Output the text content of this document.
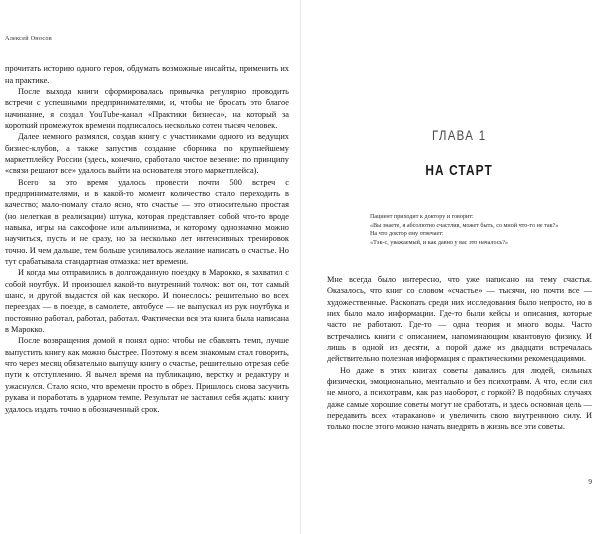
Алексей Оносов

прочитать историю одного героя, обдумать возможные инсайты, применить их на практике.

После выхода книги сформировалась привычка регулярно проводить встречи с успешными предпринимателями, и, чтобы не бросать это благое начинание, я создал YouTube-канал «Практики бизнеса», на который за короткий промежуток времени подписалось несколько сотен тысяч человек.

Далее немного размялся, создав книгу с участниками одного из ведущих бизнес-клубов, а также запустив создание сборника по крупнейшему маркетплейсу России (здесь, конечно, сработало чистое везение: по принципу «связи решают все» удалось выйти на основателя этого маркетплейса).

Всего за это время удалось провести почти 500 встреч с предпринимателями, и в какой-то момент количество стало переходить в качество; мало-помалу стало ясно, что счастье — это относительно простая (но нелегкая в реализации) штука, которая представляет собой что-то вроде навыка, игры на саксофоне или альпинизма, и которому однозначно можно научиться, пусть и не сразу, но за несколько лет интенсивных тренировок точно. И чем дальше, тем больше усиливалось желание написать о счастье. Но тут срабатывала стандартная отмазка: нет времени.

И когда мы отправились в долгожданную поездку в Марокко, я захватил с собой ноутбук. И произошел какой-то внутренний толчок: вот он, тот самый шанс, и другой выдастся ой как нескоро. И понеслось: решительно во всех переездах — в поезде, в самолете, автобусе — не выпускал из рук ноутбука и постоянно работал, работал, работал. Фактически вся эта книга была написана в Марокко.

После возвращения домой я понял одно: чтобы не сбавлять темп, лучше выпустить книгу как можно быстрее. Поэтому я всем знакомым стал говорить, что через месяц обязательно выпущу книгу о счастье, решительно отрезая себе пути к отступлению. Я вычел время на публикацию, верстку и редактуру и ужаснулся. Стало ясно, что времени просто в обрез. Пришлось снова засучить рукава и поработать в ударном темпе. Результат не заставил себя ждать: книгу удалось издать точно в обозначенный срок.

ГЛАВА 1
НА СТАРТ

Пациент приходит к доктору и говорит:

«Вы знаете, я абсолютно счастлив, может быть, со мной что-то не так?»

На что доктор ему отвечает:

«Тэк-с, уважаемый, и как давно у вас это началось?»

Мне всегда было интересно, что уже написано на тему счастья. Оказалось, что книг со словом «счастье» — тысячи, но почти все — художественные. Раскопать среди них исследования было непросто, но в них было мало информации. Где-то были кейсы и описания, которые часто не работают. Где-то — одна теория и много воды. Часто встречались книги с описанием, напоминающим квантовую физику. И лишь в одной из десяти, а порой даже из двадцати встречалась действительно полезная информация с практическими рекомендациями.

Но даже в этих книгах советы давались для людей, сильных физически, эмоционально, ментально и без психотравм. А что, если сил не много, а психотравм, как раз наоборот, с горкой? В подобных случаях даже самые хорошие советы могут не сработать, и здесь основная цель — передавить всех «тараканов» и увеличить свою внутреннюю силу. И только после этого можно начать внедрять в жизнь все эти советы.

9
